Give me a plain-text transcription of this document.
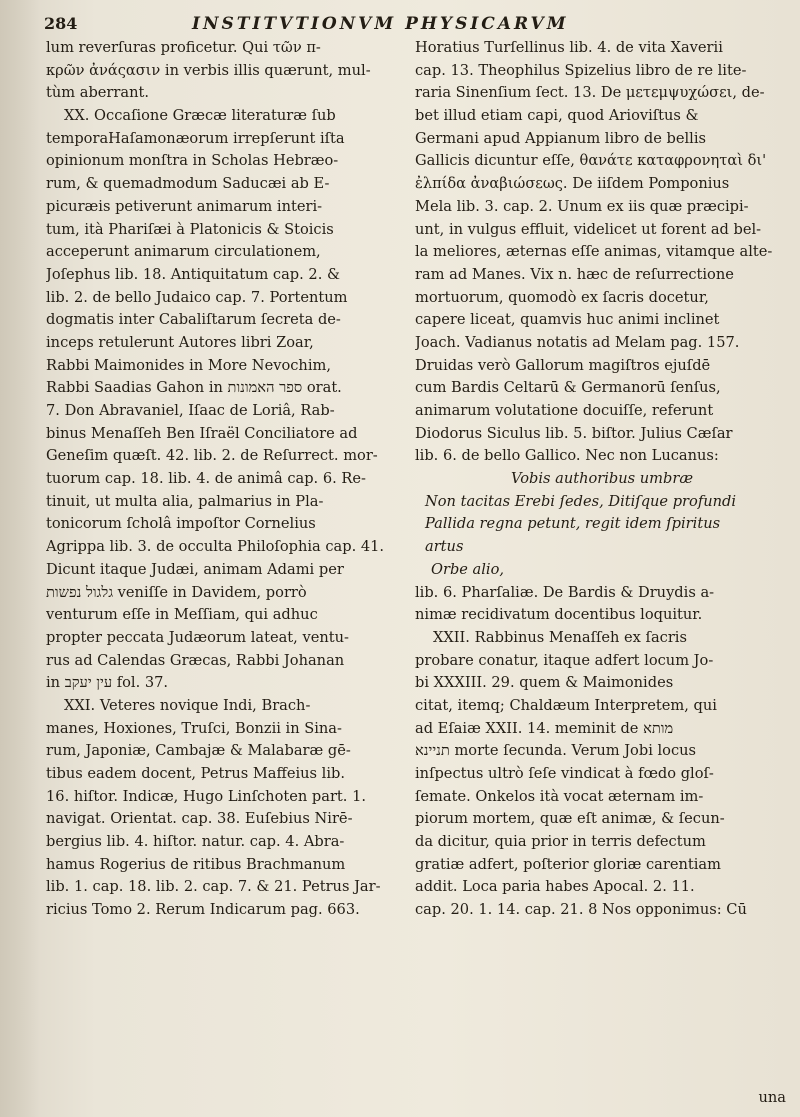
284	INSTITVTIONVM PHYSICARVM
lum reverſuras proficetur. Qui τῶν π-
κρῶν ἀνάςασιν in verbis illis quærunt, mul-
tùm aberrant.
XX. Occaſione Græcæ literaturæ ſub
temporaHaſamonæorum irrepſerunt iſta
opinionum monſtra in Scholas Hebræo-
rum, & quemadmodum Saducæi ab E-
picuræis petiverunt animarum interi-
tum, ità Phariſæi à Platonicis & Stoicis
acceperunt animarum circulationem,
Joſephus lib. 18. Antiquitatum cap. 2. &
lib. 2. de bello Judaico cap. 7. Portentum
dogmatis inter Cabaliſtarum ſecreta de-
inceps retulerunt Autores libri Zoar,
Rabbi Maimonides in More Nevochim,
Rabbi Saadias Gahon in ספר האמונות orat.
7. Don Abravaniel, Iſaac de Loriâ, Rab-
binus Menaſſeh Ben Iſraël Conciliatore ad
Geneſim quæſt. 42. lib. 2. de Reſurrect. mor-
tuorum cap. 18. lib. 4. de animâ cap. 6. Re-
tinuit, ut multa alia, palmarius in Pla-
tonicorum ſcholâ impoſtor Cornelius
Agrippa lib. 3. de occulta Philoſophia cap. 41.
Dicunt itaque Judæi, animam Adami per
גלגול נפשות veniſſe in Davidem, porrò
venturum eſſe in Meſſiam, qui adhuc
propter peccata Judæorum lateat, ventu-
rus ad Calendas Græcas, Rabbi Johanan
in עין יעקב fol. 37.
XXI. Veteres novique Indi, Brach-
manes, Hoxiones, Truſci, Bonzii in Sina-
rum, Japoniæ, Cambajæ & Malabaræ gē-
tibus eadem docent, Petrus Maffeius lib.
16. hiſtor. Indicæ, Hugo Linſchoten part. 1.
navigat. Orientat. cap. 38. Euſebius Nirē-
bergius lib. 4. hiſtor. natur. cap. 4. Abra-
hamus Rogerius de ritibus Brachmanum
lib. 1. cap. 18. lib. 2. cap. 7. & 21. Petrus Jar-
ricius Tomo 2. Rerum Indicarum pag. 663.
Horatius Turſellinus lib. 4. de vita Xaverii
cap. 13. Theophilus Spizelius libro de re lite-
raria Sinenſium ſect. 13. De μετεμψυχώσει, de-
bet illud etiam capi, quod Arioviſtus &
Germani apud Appianum libro de bellis
Gallicis dicuntur eſſe, θανάτε καταφρονηταὶ δι'
ἐλπίδα ἀναβιώσεως. De iiſdem Pomponius
Mela lib. 3. cap. 2. Unum ex iis quæ præcipi-
unt, in vulgus effluit, videlicet ut forent ad bel-
la meliores, æternas eſſe animas, vitamque alte-
ram ad Manes. Vix n. hæc de reſurrectione
mortuorum, quomodò ex ſacris docetur,
capere liceat, quamvis huc animi inclinet
Joach. Vadianus notatis ad Melam pag. 157.
Druidas verò Gallorum magiſtros ejuſdē
cum Bardis Celtarū & Germanorū ſenſus,
animarum volutatione docuiſſe, referunt
Diodorus Siculus lib. 5. biſtor. Julius Cæſar
lib. 6. de bello Gallico. Nec non Lucanus:
Vobis authoribus umbræ
Non tacitas Erebi ſedes, Ditiſque profundi
Pallida regna petunt, regit idem ſpiritus
artus
Orbe alio,
lib. 6. Pharſaliæ. De Bardis & Druydis a-
nimæ recidivatum docentibus loquitur.
XXII. Rabbinus Menaſſeh ex ſacris
probare conatur, itaque adfert locum Jo-
bi XXXIII. 29. quem & Maimonides
citat, itemq; Chaldæum Interpretem, qui
ad Eſaiæ XXII. 14. meminit de מותא
תניינא morte ſecunda. Verum Jobi locus
inſpectus ultrò ſeſe vindicat à fœdo gloſ-
ſemate. Onkelos ità vocat æternam im-
piorum mortem, quæ eſt animæ, & ſecun-
da dicitur, quia prior in terris defectum
gratiæ adfert, poſterior gloriæ carentiam
addit. Loca paria habes Apocal. 2. 11.
cap. 20. 1. 14. cap. 21. 8 Nos opponimus: Cū
una
